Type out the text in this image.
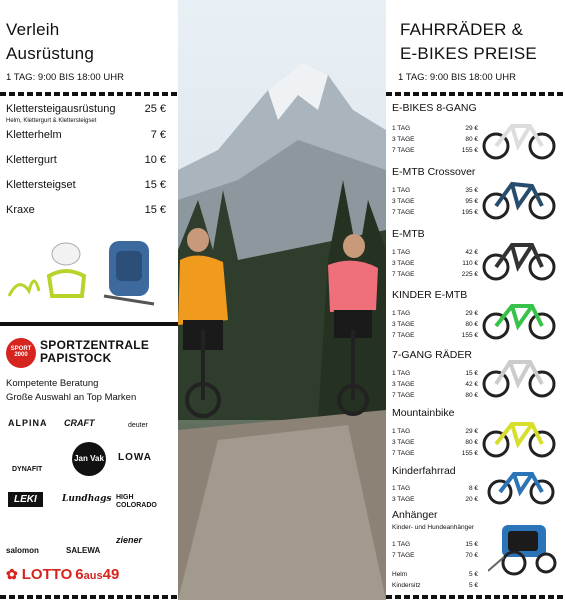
Verleih
Ausrüstung
1 TAG: 9:00 BIS 18:00 UHR
Klettersteigausrüstung
Helm, Klettergurt & Klettersteigset
25 €
Kletterhelm	7 €
Klettergurt	10 €
Klettersteigset	15 €
Kraxe	15 €
SPORT
2000
SPORTZENTRALE
PAPISTOCK
Kompetente Beratung
Große Auswahl an Top Marken
ALPINA CRAFT	deuter
DYNAFIT
Jan Vak LOWA
LEKI	Lundhags HIGH COLORADO
salomon	SALEWA
ziener
✿ LOTTO 6 aus 49
FAHRRÄDER &
E-BIKES PREISE
1 TAG: 9:00 BIS 18:00 UHR
E-BIKES 8-GANG
1 TAG	29 €
3 TAGE	80 €
7 TAGE	155 €
E-MTB Crossover
1 TAG	35 €
3 TAGE	95 €
7 TAGE	195 €
E-MTB
1 TAG	42 €
3 TAGE	110 €
7 TAGE	225 €
KINDER E-MTB
1 TAG	29 €
3 TAGE	80 €
7 TAGE	155 €
7-GANG RÄDER
1 TAG	15 €
3 TAGE	42 €
7 TAGE	80 €
Mountainbike
1 TAG	29 €
3 TAGE	80 €
7 TAGE	155 €
Kinderfahrrad
1 TAG	8 €
3 TAGE	20 €
Anhänger
Kinder- und Hundeanhänger
1 TAG	15 €
7 TAGE	70 €
Helm	5 €
Kindersitz	5 €
